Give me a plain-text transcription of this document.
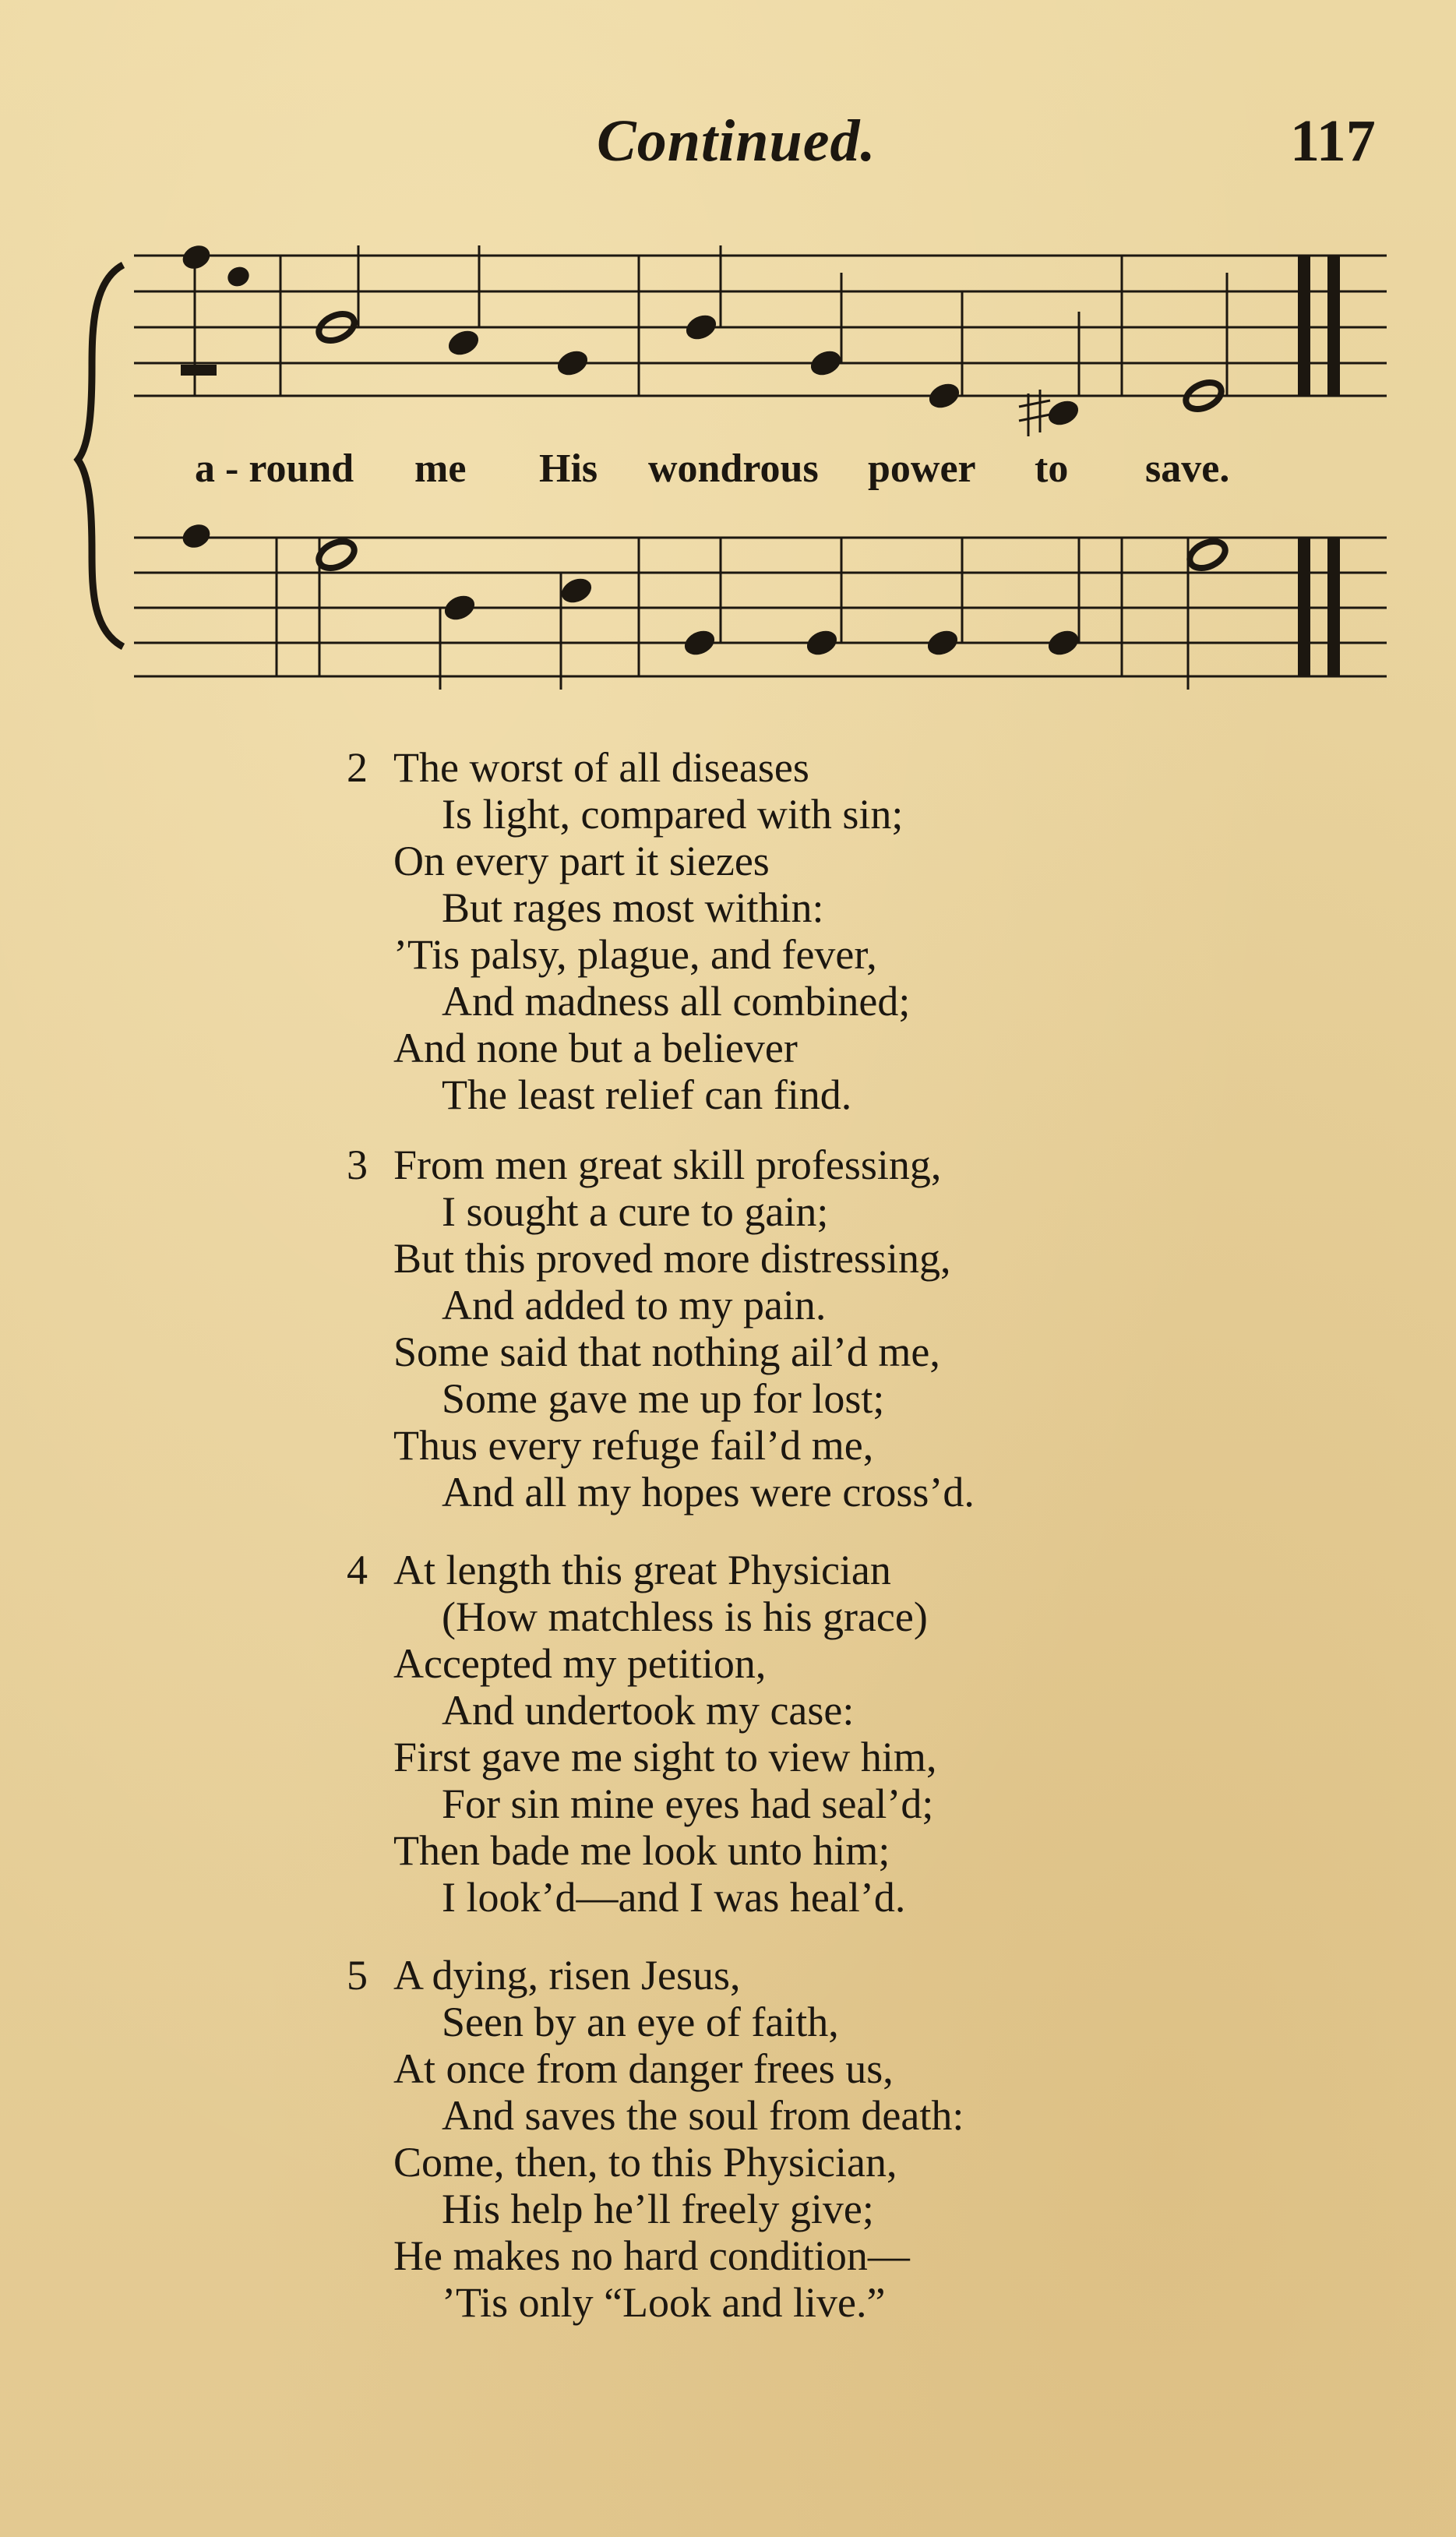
Continued.	117
a - round me His wondrous power to save.
2 The worst of all diseases
Is light, compared with sin;
On every part it siezes
But rages most within:
’Tis palsy, plague, and fever,
And madness all combined;
And none but a believer
The least relief can find.
3 From men great skill professing,
I sought a cure to gain;
But this proved more distressing,
And added to my pain.
Some said that nothing ail’d me,
Some gave me up for lost;
Thus every refuge fail’d me,
And all my hopes were cross’d.
4 At length this great Physician
(How matchless is his grace)
Accepted my petition,
And undertook my case:
First gave me sight to view him,
For sin mine eyes had seal’d;
Then bade me look unto him;
I look’d—and I was heal’d.
5 A dying, risen Jesus,
Seen by an eye of faith,
At once from danger frees us,
And saves the soul from death:
Come, then, to this Physician,
His help he’ll freely give;
He makes no hard condition—
’Tis only “Look and live.”
